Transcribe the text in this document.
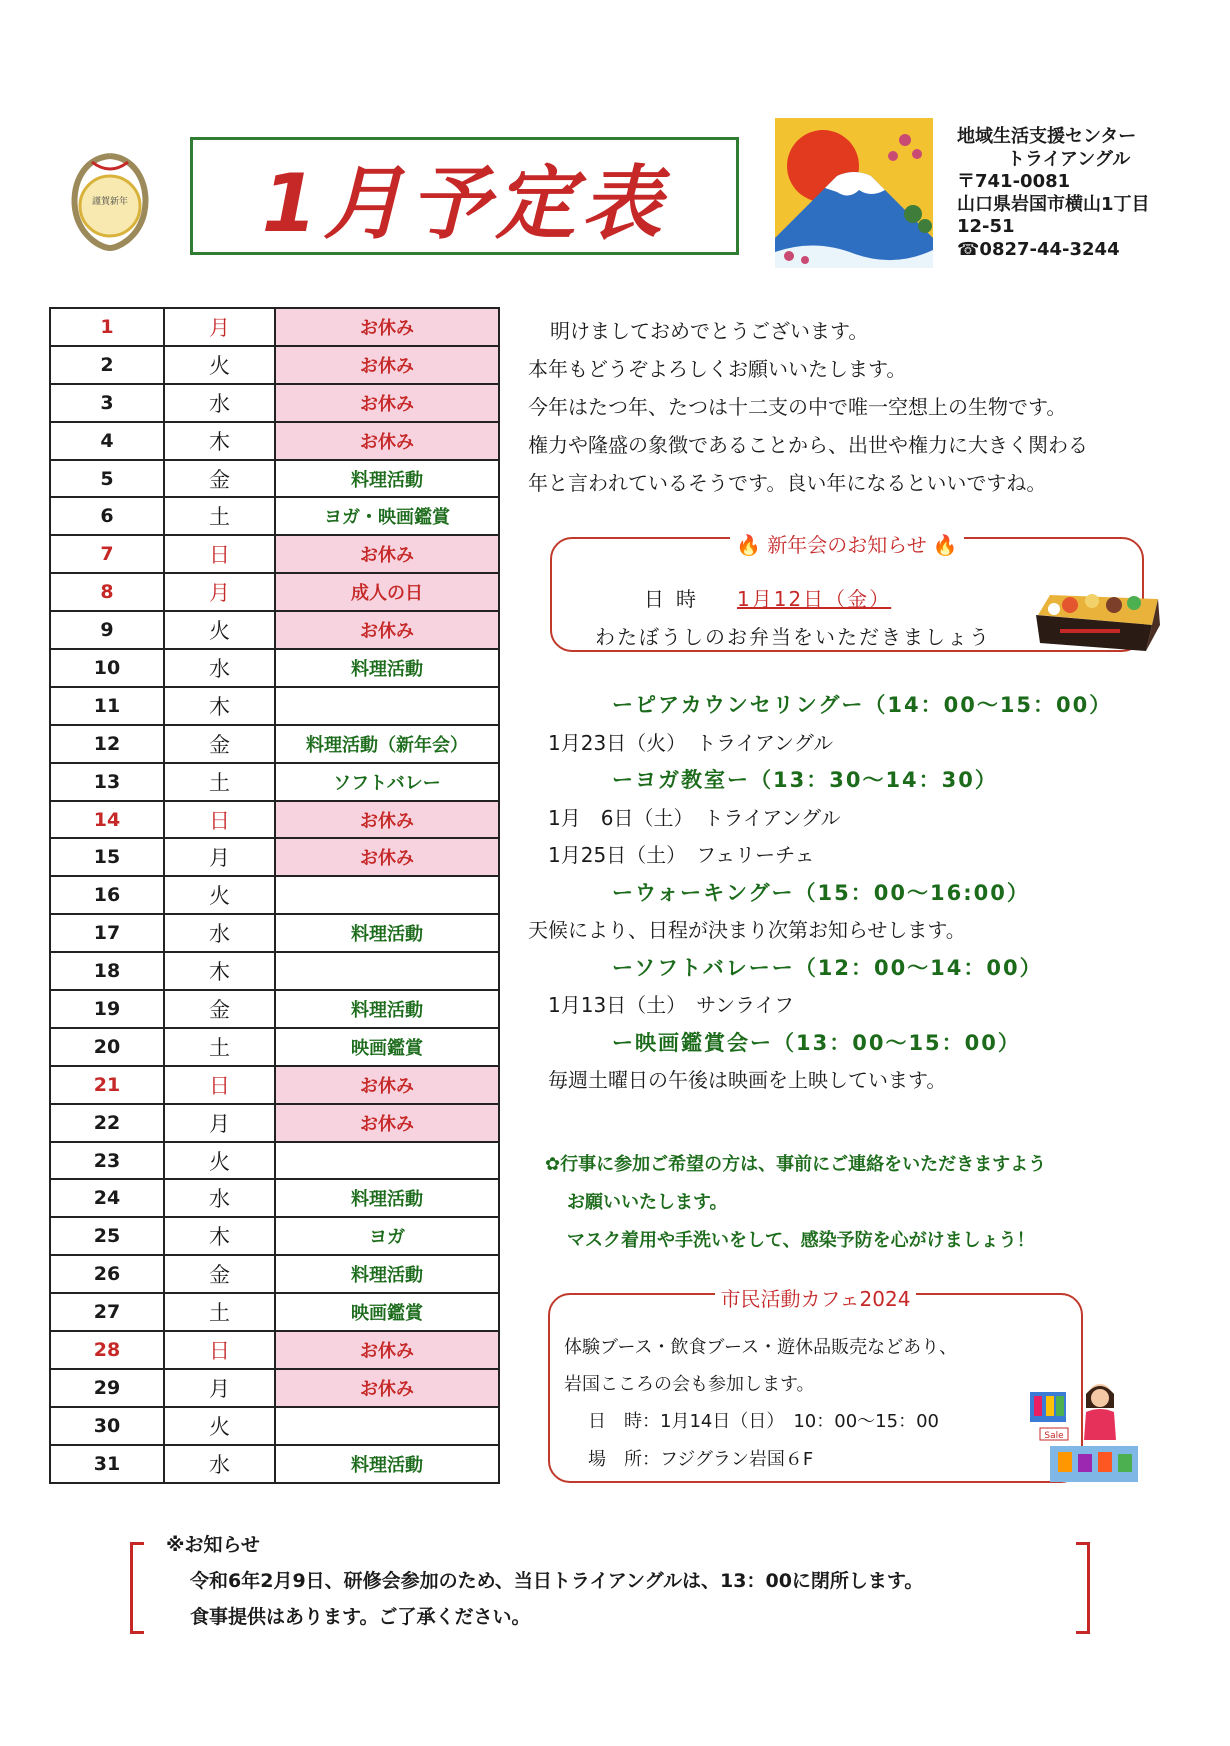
謹賀新年 1月予定表
地域生活支援センター
トライアングル
〒741-0081
山口県岩国市横山1丁目
12-51
☎0827-44-3244
1	月	お休み
2	火	お休み
3	水	お休み
4	木	お休み
5	金	料理活動
6	土	ヨガ・映画鑑賞
7	日	お休み
8	月	成人の日
9	火	お休み
10	水	料理活動
11	木	
12	金	料理活動（新年会）
13	土	ソフトバレー
14	日	お休み
15	月	お休み
16	火	
17	水	料理活動
18	木	
19	金	料理活動
20	土	映画鑑賞
21	日	お休み
22	月	お休み
23	火	
24	水	料理活動
25	木	ヨガ
26	金	料理活動
27	土	映画鑑賞
28	日	お休み
29	月	お休み
30	火	
31	水	料理活動
明けましておめでとうございます。
本年もどうぞよろしくお願いいたします。
今年はたつ年、たつは十二支の中で唯一空想上の生物です。
権力や隆盛の象徴であることから、出世や権力に大きく関わる
年と言われているそうです。良い年になるといいですね。
🔥 新年会のお知らせ 🔥
日時 1月12日（金）
わたぼうしのお弁当をいただきましょう
ーピアカウンセリングー（14：00～15：00）
1月23日（火）　トライアングル
ーヨガ教室ー（13：30～14：30）
1月　6日（土）　トライアングル
1月25日（土）　フェリーチェ
ーウォーキングー（15：00～16:00）
天候により、日程が決まり次第お知らせします。
ーソフトバレーー（12：00～14：00）
1月13日（土）　サンライフ
ー映画鑑賞会ー（13：00～15：00）
毎週土曜日の午後は映画を上映しています。
✿行事に参加ご希望の方は、事前にご連絡をいただきますよう
お願いいたします。
マスク着用や手洗いをして、感染予防を心がけましょう！
市民活動カフェ2024
体験ブース・飲食ブース・遊休品販売などあり、
岩国こころの会も参加します。
日　時：1月14日（日）　10：00～15：00
場　所：フジグラン岩国６F
Sale
※お知らせ
令和6年2月9日、研修会参加のため、当日トライアングルは、13：00に閉所します。
食事提供はあります。ご了承ください。
